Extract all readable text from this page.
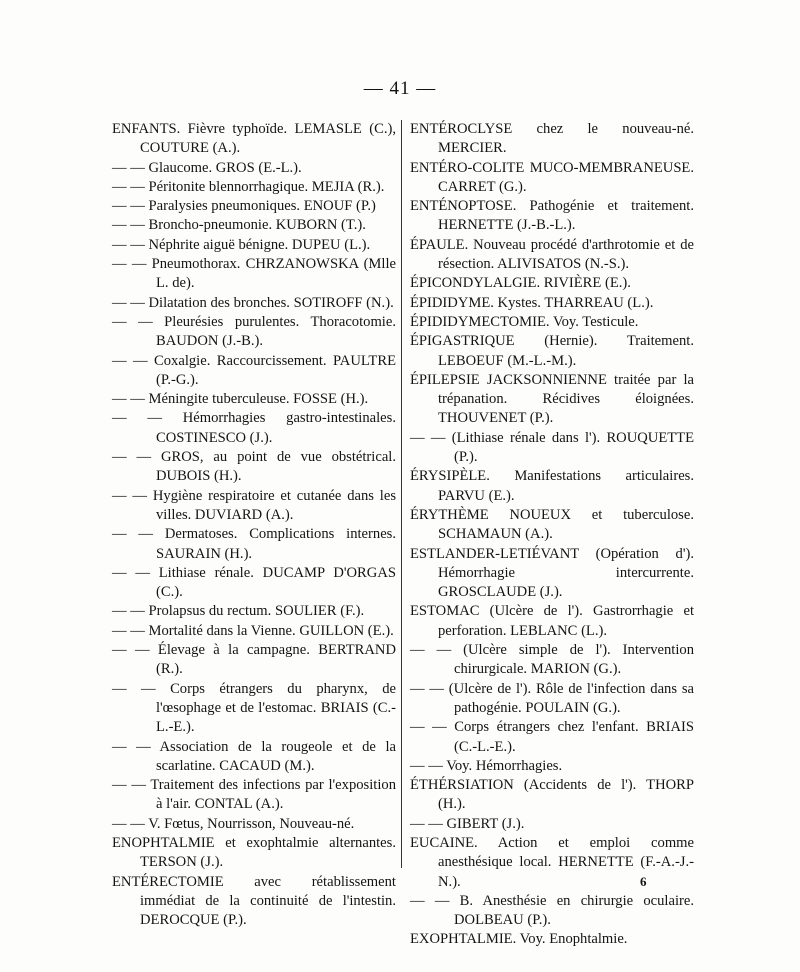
— 41 —
ENFANTS. Fièvre typhoïde. LEMASLE (C.), COUTURE (A.).
— — Glaucome. GROS (E.-L.).
— — Péritonite blennorrhagique. MEJIA (R.).
— — Paralysies pneumoniques. ENOUF (P.)
— — Broncho-pneumonie. KUBORN (T.).
— — Néphrite aiguë bénigne. DUPEU (L.).
— — Pneumothorax. CHRZANOWSKA (Mlle L. de).
— — Dilatation des bronches. SOTIROFF (N.).
— — Pleurésies purulentes. Thoracotomie. BAUDON (J.-B.).
— — Coxalgie. Raccourcissement. PAULTRE (P.-G.).
— — Méningite tuberculeuse. FOSSE (H.).
— — Hémorrhagies gastro-intestinales. COSTINESCO (J.).
— — GROS, au point de vue obstétrical. DUBOIS (H.).
— — Hygiène respiratoire et cutanée dans les villes. DUVIARD (A.).
— — Dermatoses. Complications internes. SAURAIN (H.).
— — Lithiase rénale. DUCAMP D'ORGAS (C.).
— — Prolapsus du rectum. SOULIER (F.).
— — Mortalité dans la Vienne. GUILLON (E.).
— — Élevage à la campagne. BERTRAND (R.).
— — Corps étrangers du pharynx, de l'œsophage et de l'estomac. BRIAIS (C.-L.-E.).
— — Association de la rougeole et de la scarlatine. CACAUD (M.).
— — Traitement des infections par l'exposition à l'air. CONTAL (A.).
— — V. Fœtus, Nourrisson, Nouveau-né.
ENOPHTALMIE et exophtalmie alternantes. TERSON (J.).
ENTÉRECTOMIE avec rétablissement immédiat de la continuité de l'intestin. DEROCQUE (P.).
ENTÉROCLYSE chez le nouveau-né. MERCIER.
ENTÉRO-COLITE MUCO-MEMBRANEUSE. CARRET (G.).
ENTÉNOPTOSE. Pathogénie et traitement. HERNETTE (J.-B.-L.).
ÉPAULE. Nouveau procédé d'arthrotomie et de résection. ALIVISATOS (N.-S.).
ÉPICONDYLALGIE. RIVIÈRE (E.).
ÉPIDIDYME. Kystes. THARREAU (L.).
ÉPIDIDYMECTOMIE. Voy. Testicule.
ÉPIGASTRIQUE (Hernie). Traitement. LEBOEUF (M.-L.-M.).
ÉPILEPSIE JACKSONNIENNE traitée par la trépanation. Récidives éloignées. THOUVENET (P.).
— — (Lithiase rénale dans l'). ROUQUETTE (P.).
ÉRYSIPÈLE. Manifestations articulaires. PARVU (E.).
ÉRYTHÈME NOUEUX et tuberculose. SCHAMAUN (A.).
ESTLANDER-LETIÉVANT (Opération d'). Hémorrhagie intercurrente. GROSCLAUDE (J.).
ESTOMAC (Ulcère de l'). Gastrorrhagie et perforation. LEBLANC (L.).
— — (Ulcère simple de l'). Intervention chirurgicale. MARION (G.).
— — (Ulcère de l'). Rôle de l'infection dans sa pathogénie. POULAIN (G.).
— — Corps étrangers chez l'enfant. BRIAIS (C.-L.-E.).
— — Voy. Hémorrhagies.
ÉTHÉRSIATION (Accidents de l'). THORP (H.).
— — GIBERT (J.).
EUCAINE. Action et emploi comme anesthésique local. HERNETTE (F.-A.-J.-N.).
— — B. Anesthésie en chirurgie oculaire. DOLBEAU (P.).
EXOPHTALMIE. Voy. Enophtalmie.
6
